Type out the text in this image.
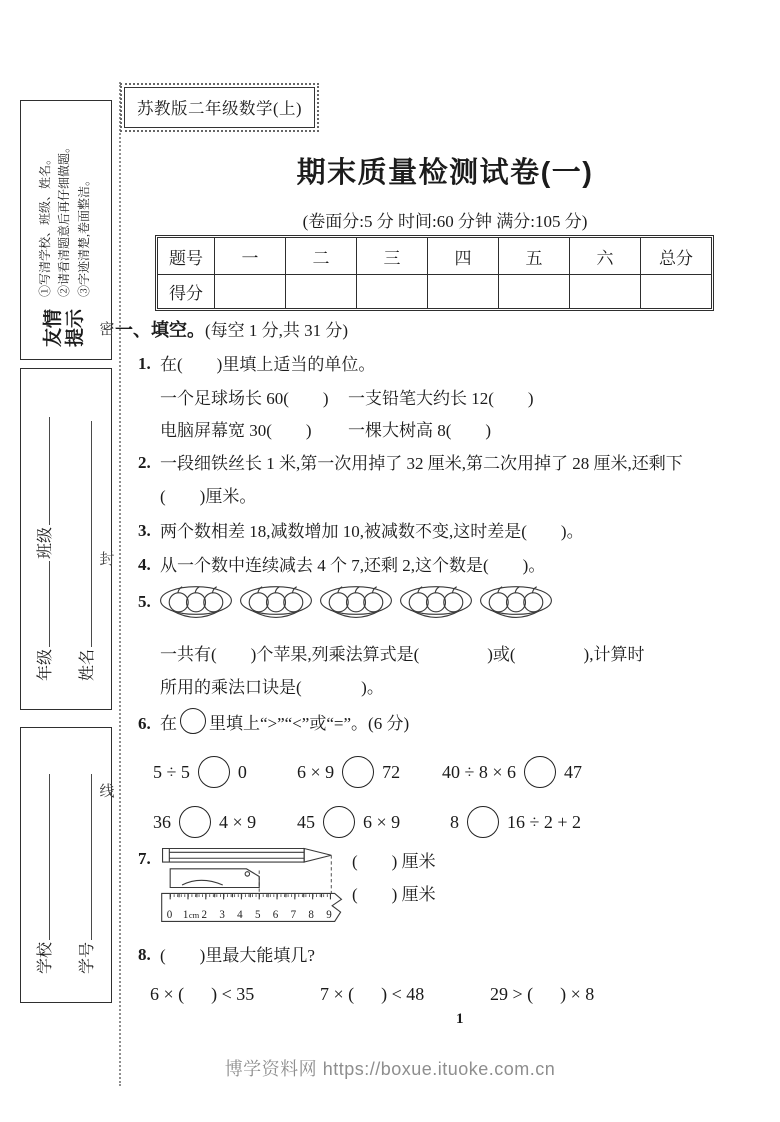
友情 提示
①写清学校、班级、姓名。 ②请看清题意后再仔细做题。 ③字迹清楚,卷面整洁。
年级班级
姓名
学校	学号
密
封
线
苏教版二年级数学(上)
期末质量检测试卷(一)
(卷面分:5 分 时间:60 分钟 满分:105 分)
题号	一	二	三	四	五	六	总分
得分							
一、填空。(每空 1 分,共 31 分)
1. 在(        )里填上适当的单位。
一个足球场长 60(        ) 一支铅笔大约长 12(        )
电脑屏幕宽 30(        ) 一棵大树高 8(        )
2. 一段细铁丝长 1 米,第一次用掉了 32 厘米,第二次用掉了 28 厘米,还剩下
(        )厘米。
3. 两个数相差 18,减数增加 10,被减数不变,这时差是(        )。
4. 从一个数中连续减去 4 个 7,还剩 2,这个数是(        )。
5.
一共有(        )个苹果,列乘法算式是(                )或(                ),计算时
所用的乘法口诀是(              )。
6. 在 里填上“>”“<”或“=”。(6 分)
5 ÷ 5	0	6 × 9	72 40 ÷ 8 × 6	47
36	4 × 9 45	6 × 9	8	16 ÷ 2 + 2
7.
0 1 cm 2 3 4 5 6 7 8 9
(        ) 厘米
(        ) 厘米
8. (        )里最大能填几?
6 × (      ) < 35	7 × (      ) < 48	29 > (      ) × 8
1
博学资料网 https://boxue.ituoke.com.cn
